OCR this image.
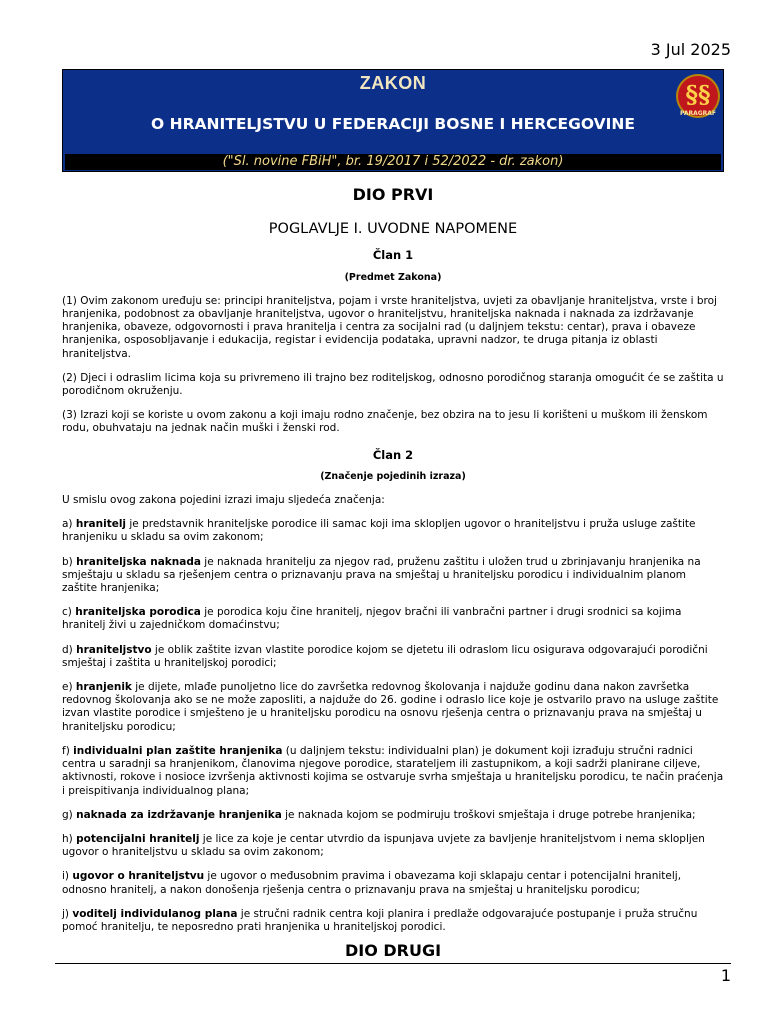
3 Jul 2025
ZAKON
O HRANITELJSTVU U FEDERACIJI BOSNE I HERCEGOVINE
("Sl. novine FBiH", br. 19/2017 i 52/2022 - dr. zakon)
§§
PARAGRAF
DIO PRVI
POGLAVLJE I. UVODNE NAPOMENE
Član 1
(Predmet Zakona)

(1) Ovim zakonom uređuju se: principi hraniteljstva, pojam i vrste hraniteljstva, uvjeti za obavljanje hraniteljstva, vrste i broj hranjenika, podobnost za obavljanje hraniteljstva, ugovor o hraniteljstvu, hraniteljska naknada i naknada za izdržavanje hranjenika, obaveze, odgovornosti i prava hranitelja i centra za socijalni rad (u daljnjem tekstu: centar), prava i obaveze hranjenika, osposobljavanje i edukacija, registar i evidencija podataka, upravni nadzor, te druga pitanja iz oblasti hraniteljstva.

(2) Djeci i odraslim licima koja su privremeno ili trajno bez roditeljskog, odnosno porodičnog staranja omogućit će se zaštita u porodičnom okruženju.

(3) Izrazi koji se koriste u ovom zakonu a koji imaju rodno značenje, bez obzira na to jesu li korišteni u muškom ili ženskom rodu, obuhvataju na jednak način muški i ženski rod.

Član 2
(Značenje pojedinih izraza)

U smislu ovog zakona pojedini izrazi imaju sljedeća značenja:

a) hranitelj je predstavnik hraniteljske porodice ili samac koji ima sklopljen ugovor o hraniteljstvu i pruža usluge zaštite hranjeniku u skladu sa ovim zakonom;

b) hraniteljska naknada je naknada hranitelju za njegov rad, pruženu zaštitu i uložen trud u zbrinjavanju hranjenika na smještaju u skladu sa rješenjem centra o priznavanju prava na smještaj u hraniteljsku porodicu i individualnim planom zaštite hranjenika;

c) hraniteljska porodica je porodica koju čine hranitelj, njegov bračni ili vanbračni partner i drugi srodnici sa kojima hranitelj živi u zajedničkom domaćinstvu;

d) hraniteljstvo je oblik zaštite izvan vlastite porodice kojom se djetetu ili odraslom licu osigurava odgovarajući porodični smještaj i zaštita u hraniteljskoj porodici;

e) hranjenik je dijete, mlađe punoljetno lice do završetka redovnog školovanja i najduže godinu dana nakon završetka redovnog školovanja ako se ne može zaposliti, a najduže do 26. godine i odraslo lice koje je ostvarilo pravo na usluge zaštite izvan vlastite porodice i smješteno je u hraniteljsku porodicu na osnovu rješenja centra o priznavanju prava na smještaj u hraniteljsku porodicu;

f) individualni plan zaštite hranjenika (u daljnjem tekstu: individualni plan) je dokument koji izrađuju stručni radnici centra u saradnji sa hranjenikom, članovima njegove porodice, starateljem ili zastupnikom, a koji sadrži planirane ciljeve, aktivnosti, rokove i nosioce izvršenja aktivnosti kojima se ostvaruje svrha smještaja u hraniteljsku porodicu, te način praćenja i preispitivanja individualnog plana;

g) naknada za izdržavanje hranjenika je naknada kojom se podmiruju troškovi smještaja i druge potrebe hranjenika;

h) potencijalni hranitelj je lice za koje je centar utvrdio da ispunjava uvjete za bavljenje hraniteljstvom i nema sklopljen ugovor o hraniteljstvu u skladu sa ovim zakonom;

i) ugovor o hraniteljstvu je ugovor o međusobnim pravima i obavezama koji sklapaju centar i potencijalni hranitelj, odnosno hranitelj, a nakon donošenja rješenja centra o priznavanju prava na smještaj u hraniteljsku porodicu;

j) voditelj individulanog plana je stručni radnik centra koji planira i predlaže odgovarajuće postupanje i pruža stručnu pomoć hranitelju, te neposredno prati hranjenika u hraniteljskoj porodici.

DIO DRUGI
1
